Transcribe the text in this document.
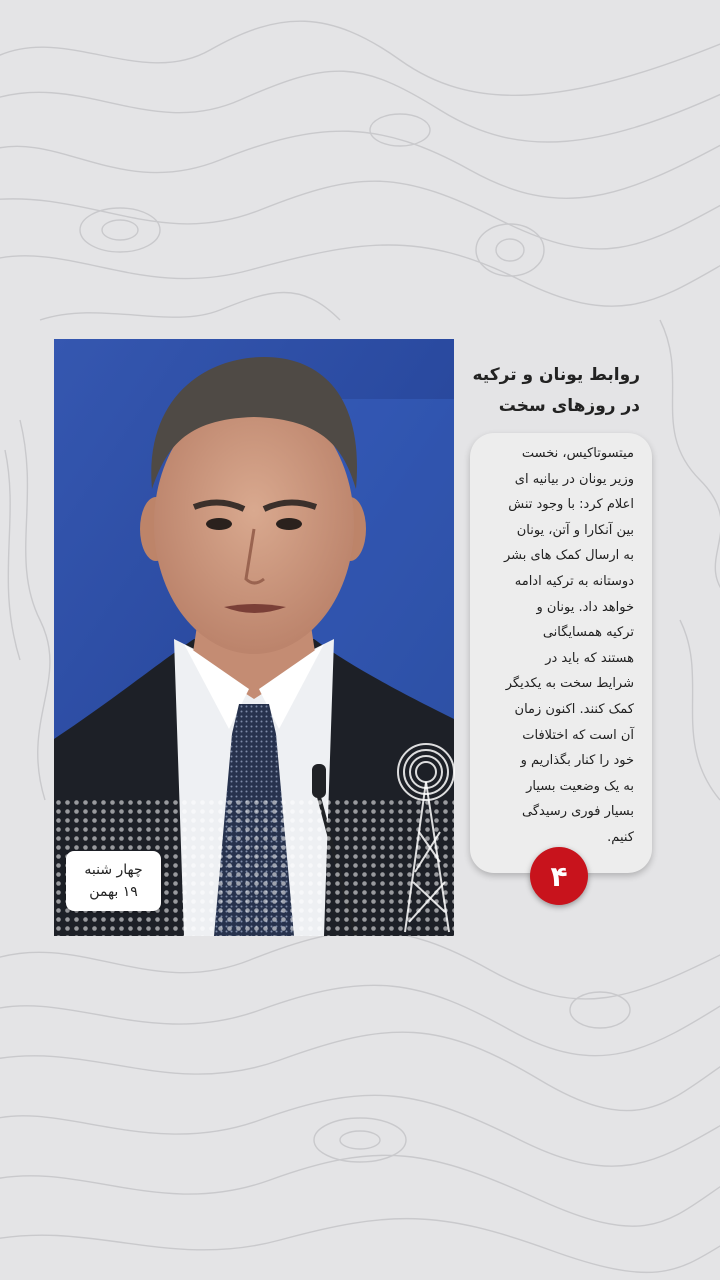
چهار شنبه
۱۹ بهمن
روابط یونان و ترکیه
در روزهای سخت
میتسوتاکیس، نخست
وزیر یونان در بیانیه ای
اعلام کرد: با وجود تنش
بین آنکارا و آتن، یونان
به ارسال کمک های بشر
دوستانه به ترکیه ادامه
خواهد داد. یونان و
ترکیه همسایگانی
هستند که باید در
شرایط سخت به یکدیگر
کمک کنند. اکنون زمان
آن است که اختلافات
خود را کنار بگذاریم و
به یک وضعیت بسیار
بسیار فوری رسیدگی
کنیم.
۴
